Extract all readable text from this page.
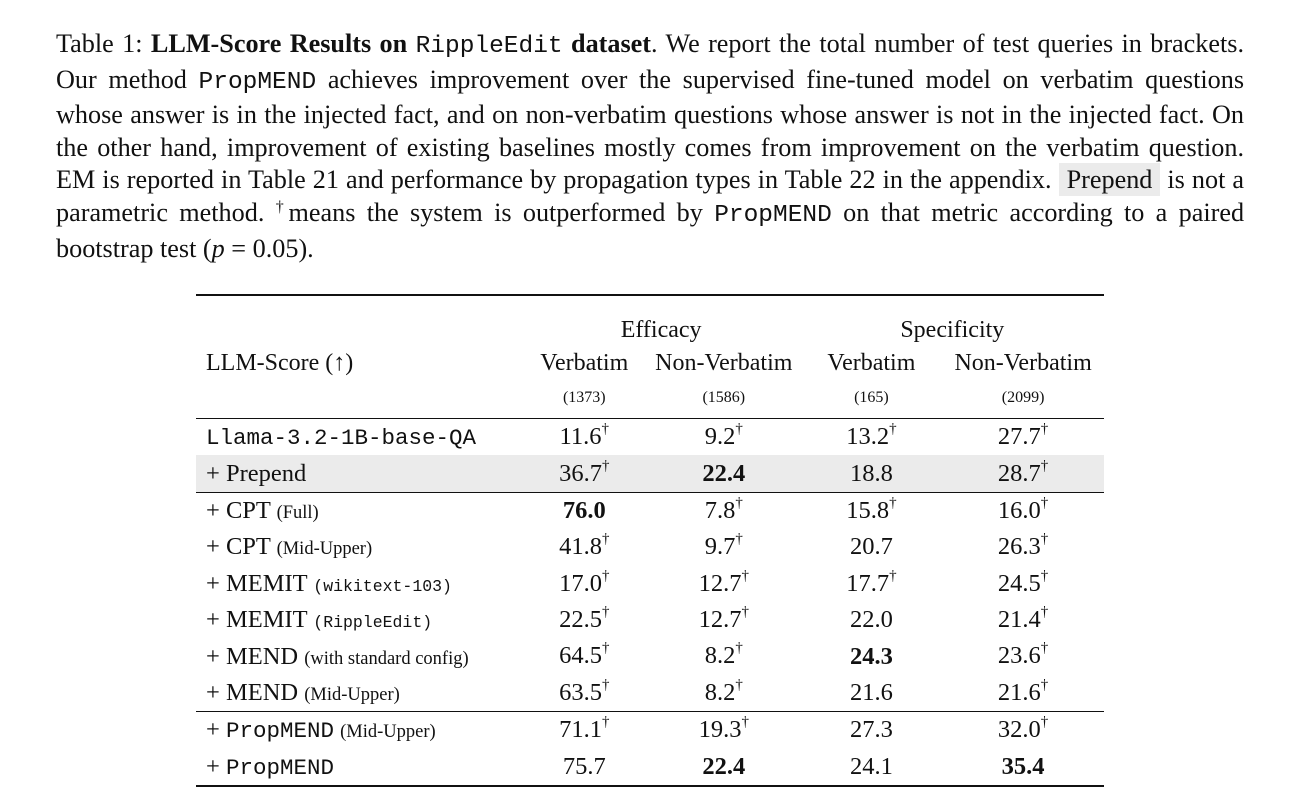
Table 1: LLM-Score Results on RippleEdit dataset. We report the total number of test queries in brackets. Our method PropMEND achieves improvement over the supervised fine-tuned model on verbatim questions whose answer is in the injected fact, and on non-verbatim questions whose answer is not in the injected fact. On the other hand, improvement of existing baselines mostly comes from improvement on the verbatim question. EM is reported in Table 21 and performance by propagation types in Table 22 in the appendix. Prepend is not a parametric method. †means the system is outperformed by PropMEND on that metric according to a paired bootstrap test (p = 0.05).
	Efficacy		Specificity	
LLM-Score (↑)	Verbatim	Non-Verbatim	Verbatim	Non-Verbatim
	(1373)	(1586)	(165)	(2099)
Llama-3.2-1B-base-QA	11.6†	9.2†	13.2†	27.7†
+ Prepend	36.7†	22.4	18.8	28.7†
+ CPT (Full)	76.0	7.8†	15.8†	16.0†
+ CPT (Mid-Upper)	41.8†	9.7†	20.7	26.3†
+ MEMIT (wikitext-103)	17.0†	12.7†	17.7†	24.5†
+ MEMIT (RippleEdit)	22.5†	12.7†	22.0	21.4†
+ MEND (with standard config)	64.5†	8.2†	24.3	23.6†
+ MEND (Mid-Upper)	63.5†	8.2†	21.6	21.6†
+ PropMEND (Mid-Upper)	71.1†	19.3†	27.3	32.0†
+ PropMEND	75.7	22.4	24.1	35.4
